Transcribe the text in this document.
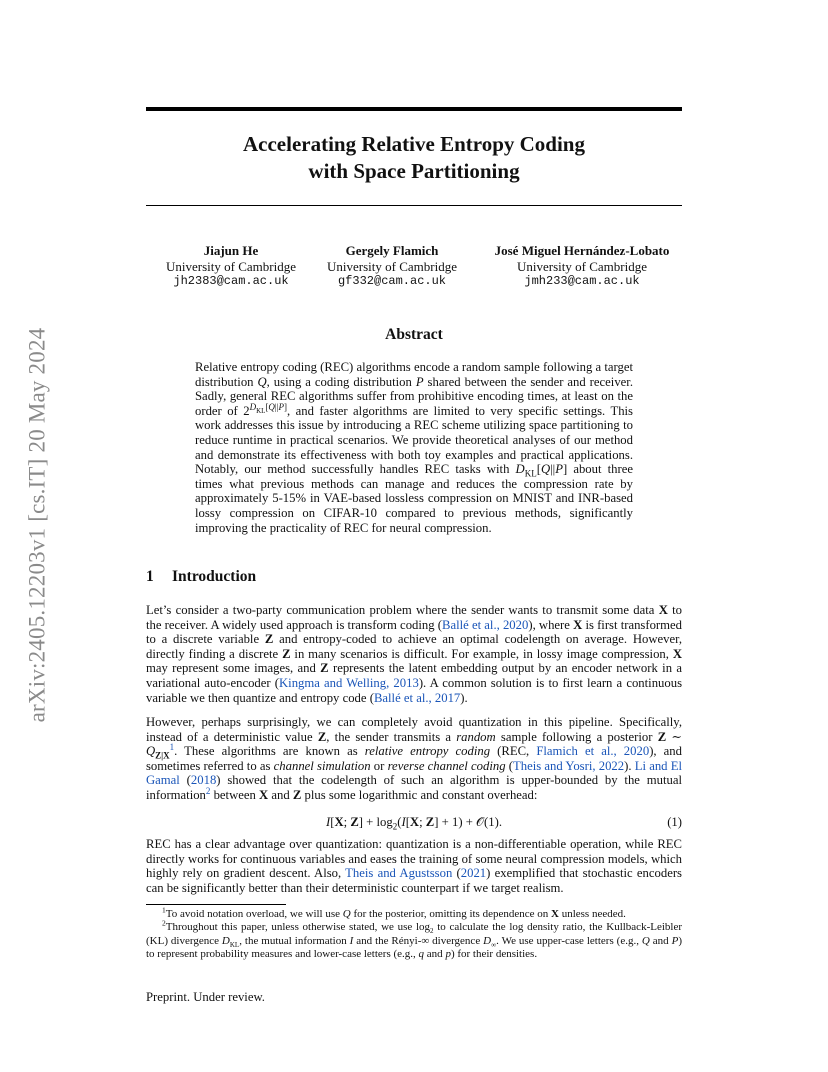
arXiv:2405.12203v1 [cs.IT] 20 May 2024
Accelerating Relative Entropy Coding
with Space Partitioning
Jiajun He
University of Cambridge
jh2383@cam.ac.uk
Gergely Flamich
University of Cambridge
gf332@cam.ac.uk
José Miguel Hernández-Lobato
University of Cambridge
jmh233@cam.ac.uk
Abstract
Relative entropy coding (REC) algorithms encode a random sample following a target distribution Q, using a coding distribution P shared between the sender and receiver. Sadly, general REC algorithms suffer from prohibitive encoding times, at least on the order of $2^{D_{KL}[Q||P]}$, and faster algorithms are limited to very specific settings. This work addresses this issue by introducing a REC scheme utilizing space partitioning to reduce runtime in practical scenarios. We provide theoretical analyses of our method and demonstrate its effectiveness with both toy examples and practical applications. Notably, our method successfully handles REC tasks with $D_{KL}[Q||P]$ about three times what previous methods can manage and reduces the compression rate by approximately 5-15% in VAE-based lossless compression on MNIST and INR-based lossy compression on CIFAR-10 compared to previous methods, significantly improving the practicality of REC for neural compression.
1 Introduction
Let’s consider a two-party communication problem where the sender wants to transmit some data X to the receiver. A widely used approach is transform coding (Ballé et al., 2020), where X is first transformed to a discrete variable Z and entropy-coded to achieve an optimal codelength on average. However, directly finding a discrete Z in many scenarios is difficult. For example, in lossy image compression, X may represent some images, and Z represents the latent embedding output by an encoder network in a variational auto-encoder (Kingma and Welling, 2013). A common solution is to first learn a continuous variable we then quantize and entropy code (Ballé et al., 2017).
However, perhaps surprisingly, we can completely avoid quantization in this pipeline. Specifically, instead of a deterministic value Z, the sender transmits a random sample following a posterior Z ∼ $Q_{Z|X}^1$. These algorithms are known as relative entropy coding (REC, Flamich et al., 2020), and sometimes referred to as channel simulation or reverse channel coding (Theis and Yosri, 2022). Li and El Gamal (2018) showed that the codelength of such an algorithm is upper-bounded by the mutual information$^2$ between X and Z plus some logarithmic and constant overhead:
I[X; $Z] + \log_2(I[X$; Z] + 1) + 𝒪(1).	(1)
REC has a clear advantage over quantization: quantization is a non-differentiable operation, while REC directly works for continuous variables and eases the training of some neural compression models, which highly rely on gradient descent. Also, Theis and Agustsson (2021) exemplified that stochastic encoders can be significantly better than their deterministic counterpart if we target realism.

$^1$To avoid notation overload, we will use Q for the posterior, omitting its dependence on X unless needed.

$^2$Throughout this paper, unless otherwise stated, we use $\log_2$ to calculate the log density ratio, the Kullback-Leibler (KL) divergence $D_{KL}$, the mutual information I and the Rényi-∞ divergence $D_\infty$. We use upper-case letters (e.g., Q and P) to represent probability measures and lower-case letters (e.g., q and p) for their densities.

Preprint. Under review.
